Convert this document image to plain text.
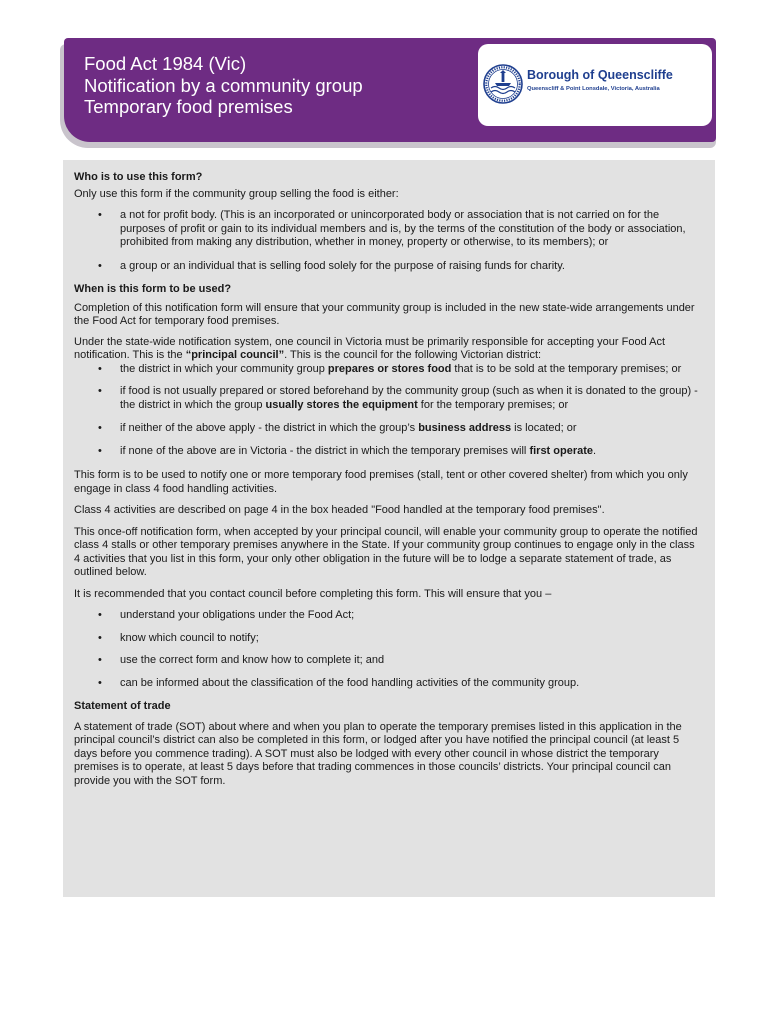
Food Act 1984 (Vic)
Notification by a community group
Temporary food premises
Borough of Queenscliffe
Queenscliff & Point Lonsdale, Victoria, Australia
Who is to use this form?

Only use this form if the community group selling the food is either:

• a not for profit body. (This is an incorporated or unincorporated body or association that is not carried on for the purposes of profit or gain to its individual members and is, by the terms of the constitution of the body or association, prohibited from making any distribution, whether in money, property or otherwise, to its members); or
• a group or an individual that is selling food solely for the purpose of raising funds for charity.
When is this form to be used?

Completion of this notification form will ensure that your community group is included in the new state-wide arrangements under the Food Act for temporary food premises.

Under the state-wide notification system, one council in Victoria must be primarily responsible for accepting your Food Act notification. This is the “principal council”. This is the council for the following Victorian district:

• the district in which your community group prepares or stores food that is to be sold at the temporary premises; or
• if food is not usually prepared or stored beforehand by the community group (such as when it is donated to the group) - the district in which the group usually stores the equipment for the temporary premises; or
• if neither of the above apply - the district in which the group’s business address is located; or
• if none of the above are in Victoria - the district in which the temporary premises will first operate.

This form is to be used to notify one or more temporary food premises (stall, tent or other covered shelter) from which you only engage in class 4 food handling activities.

Class 4 activities are described on page 4 in the box headed "Food handled at the temporary food premises".

This once-off notification form, when accepted by your principal council, will enable your community group to operate the notified class 4 stalls or other temporary premises anywhere in the State. If your community group continues to engage only in the class 4 activities that you list in this form, your only other obligation in the future will be to lodge a separate statement of trade, as outlined below.

It is recommended that you contact council before completing this form. This will ensure that you –

• understand your obligations under the Food Act;
• know which council to notify;
• use the correct form and know how to complete it; and
• can be informed about the classification of the food handling activities of the community group.
Statement of trade

A statement of trade (SOT) about where and when you plan to operate the temporary premises listed in this application in the principal council’s district can also be completed in this form, or lodged after you have notified the principal council (at least 5 days before you commence trading). A SOT must also be lodged with every other council in whose district the temporary premises is to operate, at least 5 days before that trading commences in those councils’ districts. Your principal council can provide you with the SOT form.
